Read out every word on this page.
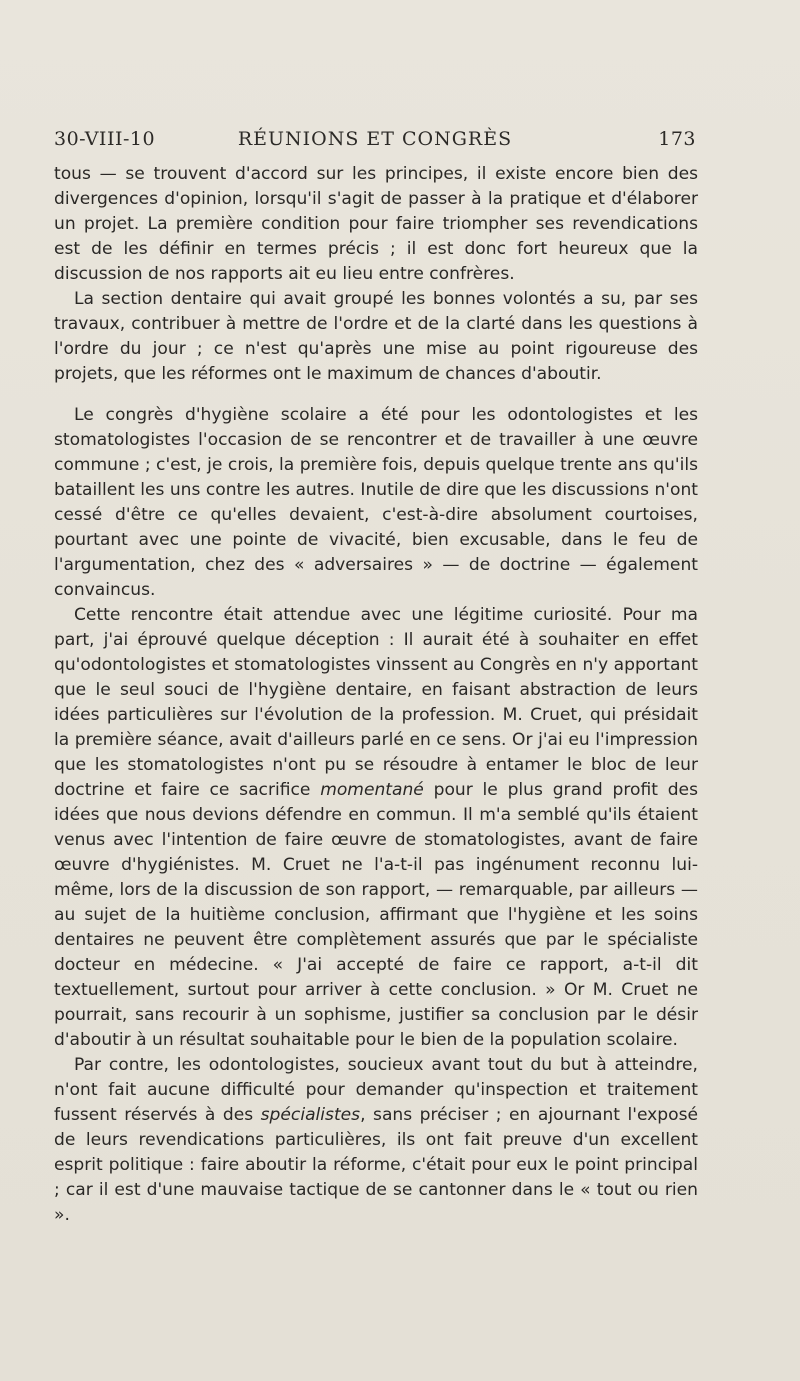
30-VIII-10	RÉUNIONS ET CONGRÈS	173

tous — se trouvent d'accord sur les principes, il existe encore bien des divergences d'opinion, lorsqu'il s'agit de passer à la pratique et d'élaborer un projet. La première condition pour faire triompher ses revendications est de les définir en termes précis ; il est donc fort heureux que la discussion de nos rapports ait eu lieu entre confrères.

La section dentaire qui avait groupé les bonnes volontés a su, par ses travaux, contribuer à mettre de l'ordre et de la clarté dans les questions à l'ordre du jour ; ce n'est qu'après une mise au point rigoureuse des projets, que les réformes ont le maximum de chances d'aboutir.

Le congrès d'hygiène scolaire a été pour les odontologistes et les stomatologistes l'occasion de se rencontrer et de travailler à une œuvre commune ; c'est, je crois, la première fois, depuis quelque trente ans qu'ils bataillent les uns contre les autres. Inutile de dire que les discussions n'ont cessé d'être ce qu'elles devaient, c'est-à-dire absolument courtoises, pourtant avec une pointe de vivacité, bien excusable, dans le feu de l'argumentation, chez des « adversaires » — de doctrine — également convaincus.

Cette rencontre était attendue avec une légitime curiosité. Pour ma part, j'ai éprouvé quelque déception : Il aurait été à souhaiter en effet qu'odontologistes et stomatologistes vinssent au Congrès en n'y apportant que le seul souci de l'hygiène dentaire, en faisant abstraction de leurs idées particulières sur l'évolution de la profession. M. Cruet, qui présidait la première séance, avait d'ailleurs parlé en ce sens. Or j'ai eu l'impression que les stomatologistes n'ont pu se résoudre à entamer le bloc de leur doctrine et faire ce sacrifice momentané pour le plus grand profit des idées que nous devions défendre en commun. Il m'a semblé qu'ils étaient venus avec l'intention de faire œuvre de stomatologistes, avant de faire œuvre d'hygiénistes. M. Cruet ne l'a-t-il pas ingénument reconnu lui-même, lors de la discussion de son rapport, — remarquable, par ailleurs — au sujet de la huitième conclusion, affirmant que l'hygiène et les soins dentaires ne peuvent être complètement assurés que par le spécialiste docteur en médecine. « J'ai accepté de faire ce rapport, a-t-il dit textuellement, surtout pour arriver à cette conclusion. » Or M. Cruet ne pourrait, sans recourir à un sophisme, justifier sa conclusion par le désir d'aboutir à un résultat souhaitable pour le bien de la population scolaire.

Par contre, les odontologistes, soucieux avant tout du but à atteindre, n'ont fait aucune difficulté pour demander qu'inspection et traitement fussent réservés à des spécialistes, sans préciser ; en ajournant l'exposé de leurs revendications particulières, ils ont fait preuve d'un excellent esprit politique : faire aboutir la réforme, c'était pour eux le point principal ; car il est d'une mauvaise tactique de se cantonner dans le « tout ou rien ».
